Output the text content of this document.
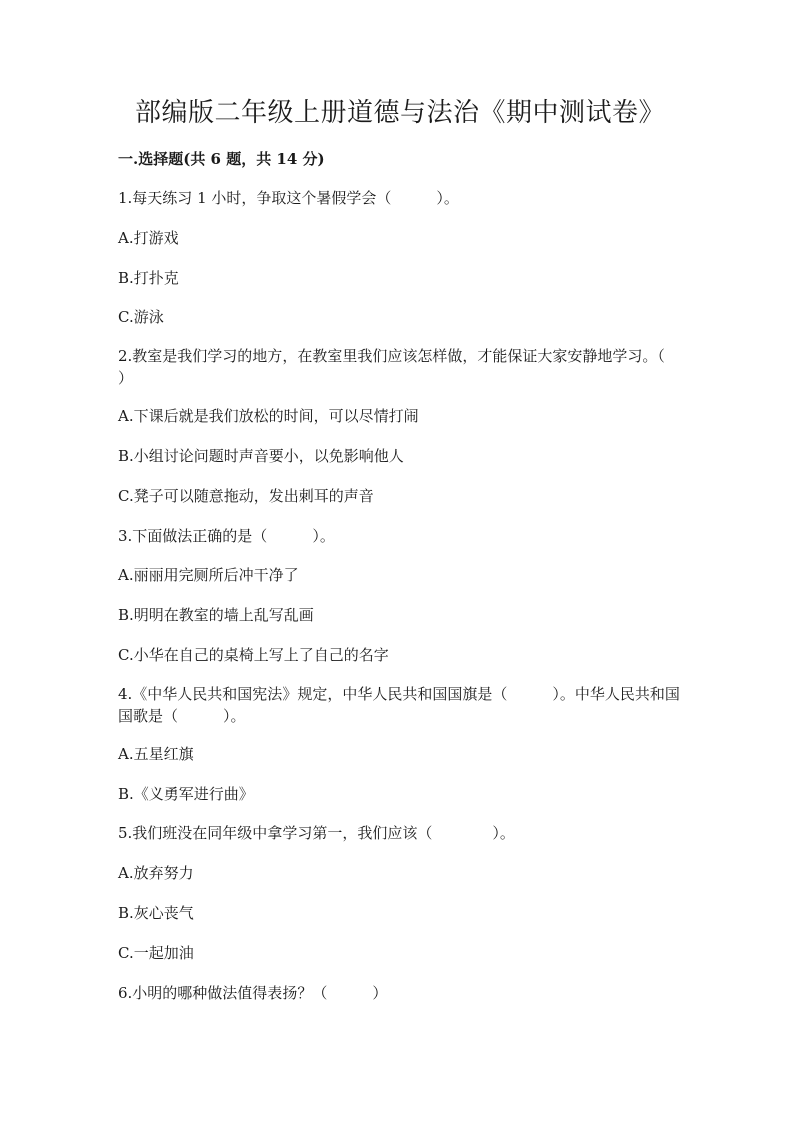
部编版二年级上册道德与法治《期中测试卷》
一.选择题(共 6 题，共 14 分)
1.每天练习 1 小时，争取这个暑假学会（　　　）。
A.打游戏
B.打扑克
C.游泳
2.教室是我们学习的地方，在教室里我们应该怎样做，才能保证大家安静地学习。（　　　）
A.下课后就是我们放松的时间，可以尽情打闹
B.小组讨论问题时声音要小，以免影响他人
C.凳子可以随意拖动，发出刺耳的声音
3.下面做法正确的是（　　　）。
A.丽丽用完厕所后冲干净了
B.明明在教室的墙上乱写乱画
C.小华在自己的桌椅上写上了自己的名字
4.《中华人民共和国宪法》规定，中华人民共和国国旗是（　　　）。中华人民共和国国歌是（　　　）。
A.五星红旗
B.《义勇军进行曲》
5.我们班没在同年级中拿学习第一，我们应该（　　　　）。
A.放弃努力
B.灰心丧气
C.一起加油
6.小明的哪种做法值得表扬？（　　　）
